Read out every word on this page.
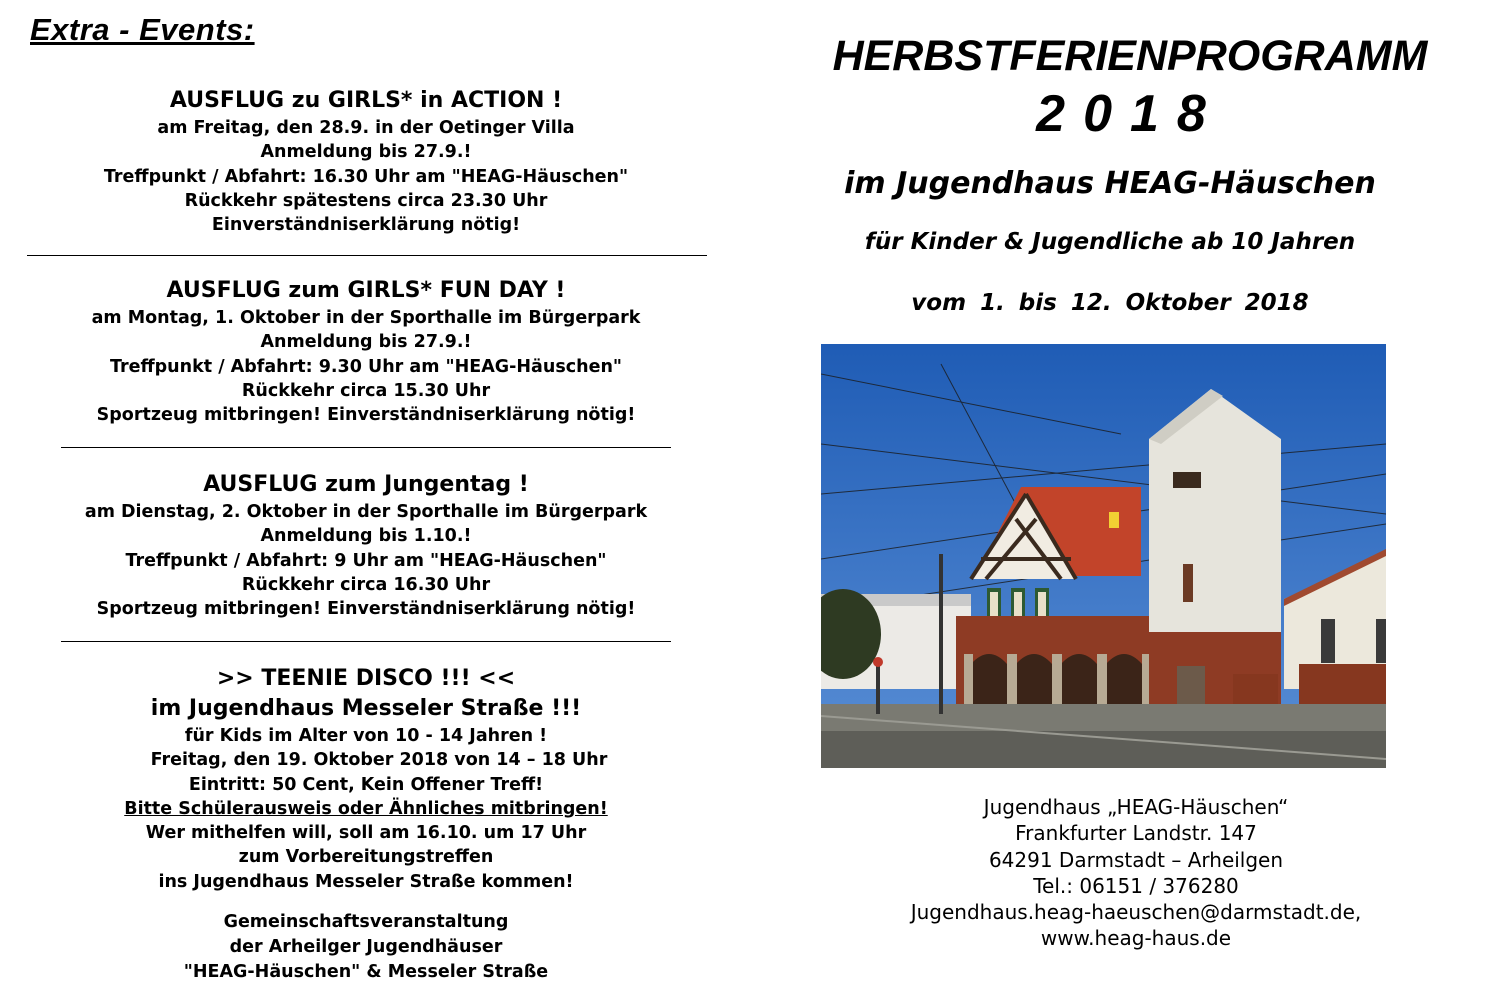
Extra - Events:
AUSFLUG zu GIRLS* in ACTION !
am Freitag, den 28.9. in der Oetinger Villa
Anmeldung bis 27.9.!
Treffpunkt / Abfahrt: 16.30 Uhr am "HEAG-Häuschen"
Rückkehr spätestens circa 23.30 Uhr
Einverständniserklärung nötig!
AUSFLUG zum GIRLS* FUN DAY !
am Montag, 1. Oktober in der Sporthalle im Bürgerpark
Anmeldung bis 27.9.!
Treffpunkt / Abfahrt: 9.30 Uhr am "HEAG-Häuschen"
Rückkehr circa 15.30 Uhr
Sportzeug mitbringen! Einverständniserklärung nötig!
AUSFLUG zum Jungentag !
am Dienstag, 2. Oktober in der Sporthalle im Bürgerpark
Anmeldung bis 1.10.!
Treffpunkt / Abfahrt: 9 Uhr am "HEAG-Häuschen"
Rückkehr circa 16.30 Uhr
Sportzeug mitbringen! Einverständniserklärung nötig!
>> TEENIE DISCO !!! <<
im Jugendhaus Messeler Straße !!!
für Kids im Alter von 10 - 14 Jahren !
Freitag, den 19. Oktober 2018 von 14 – 18 Uhr
Eintritt: 50 Cent, Kein Offener Treff!
Bitte Schülerausweis oder Ähnliches mitbringen!
Wer mithelfen will, soll am 16.10. um 17 Uhr
zum Vorbereitungstreffen
ins Jugendhaus Messeler Straße kommen!
Gemeinschaftsveranstaltung
der Arheilger Jugendhäuser
"HEAG-Häuschen" & Messeler Straße
HERBSTFERIENPROGRAMM
2018
im Jugendhaus HEAG-Häuschen
für Kinder & Jugendliche ab 10 Jahren
vom 1. bis 12. Oktober 2018
Jugendhaus „HEAG-Häuschen“
Frankfurter Landstr. 147
64291 Darmstadt – Arheilgen
Tel.: 06151 / 376280
Jugendhaus.heag-haeuschen@darmstadt.de,
www.heag-haus.de
